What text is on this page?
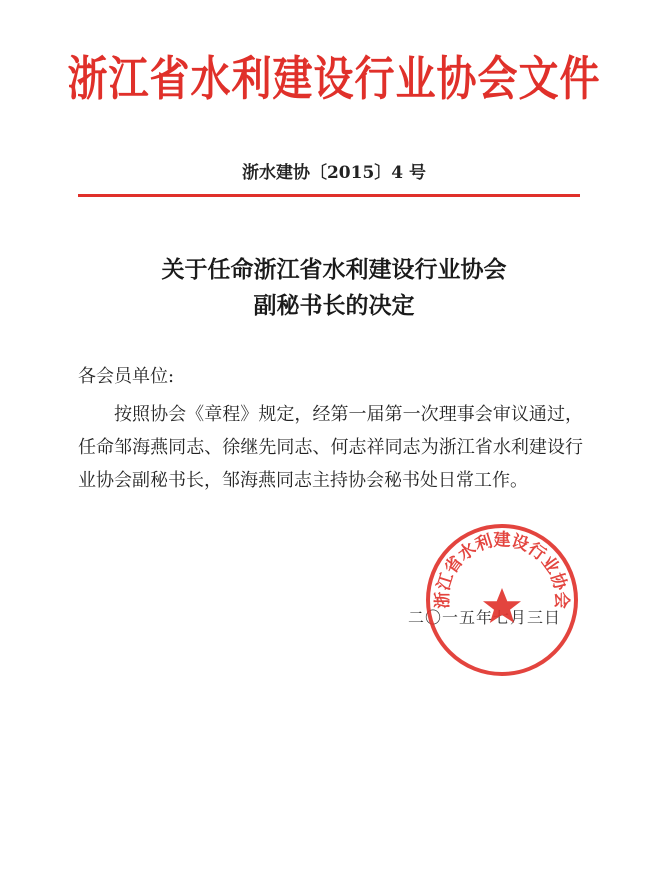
浙江省水利建设行业协会文件
浙水建协〔2015〕4 号
关于任命浙江省水利建设行业协会
副秘书长的决定
各会员单位:

按照协会《章程》规定，经第一届第一次理事会审议通过，任命邹海燕同志、徐继先同志、何志祥同志为浙江省水利建设行业协会副秘书长，邹海燕同志主持协会秘书处日常工作。

二〇一五年七月三日
浙江省水利建设行业协会
